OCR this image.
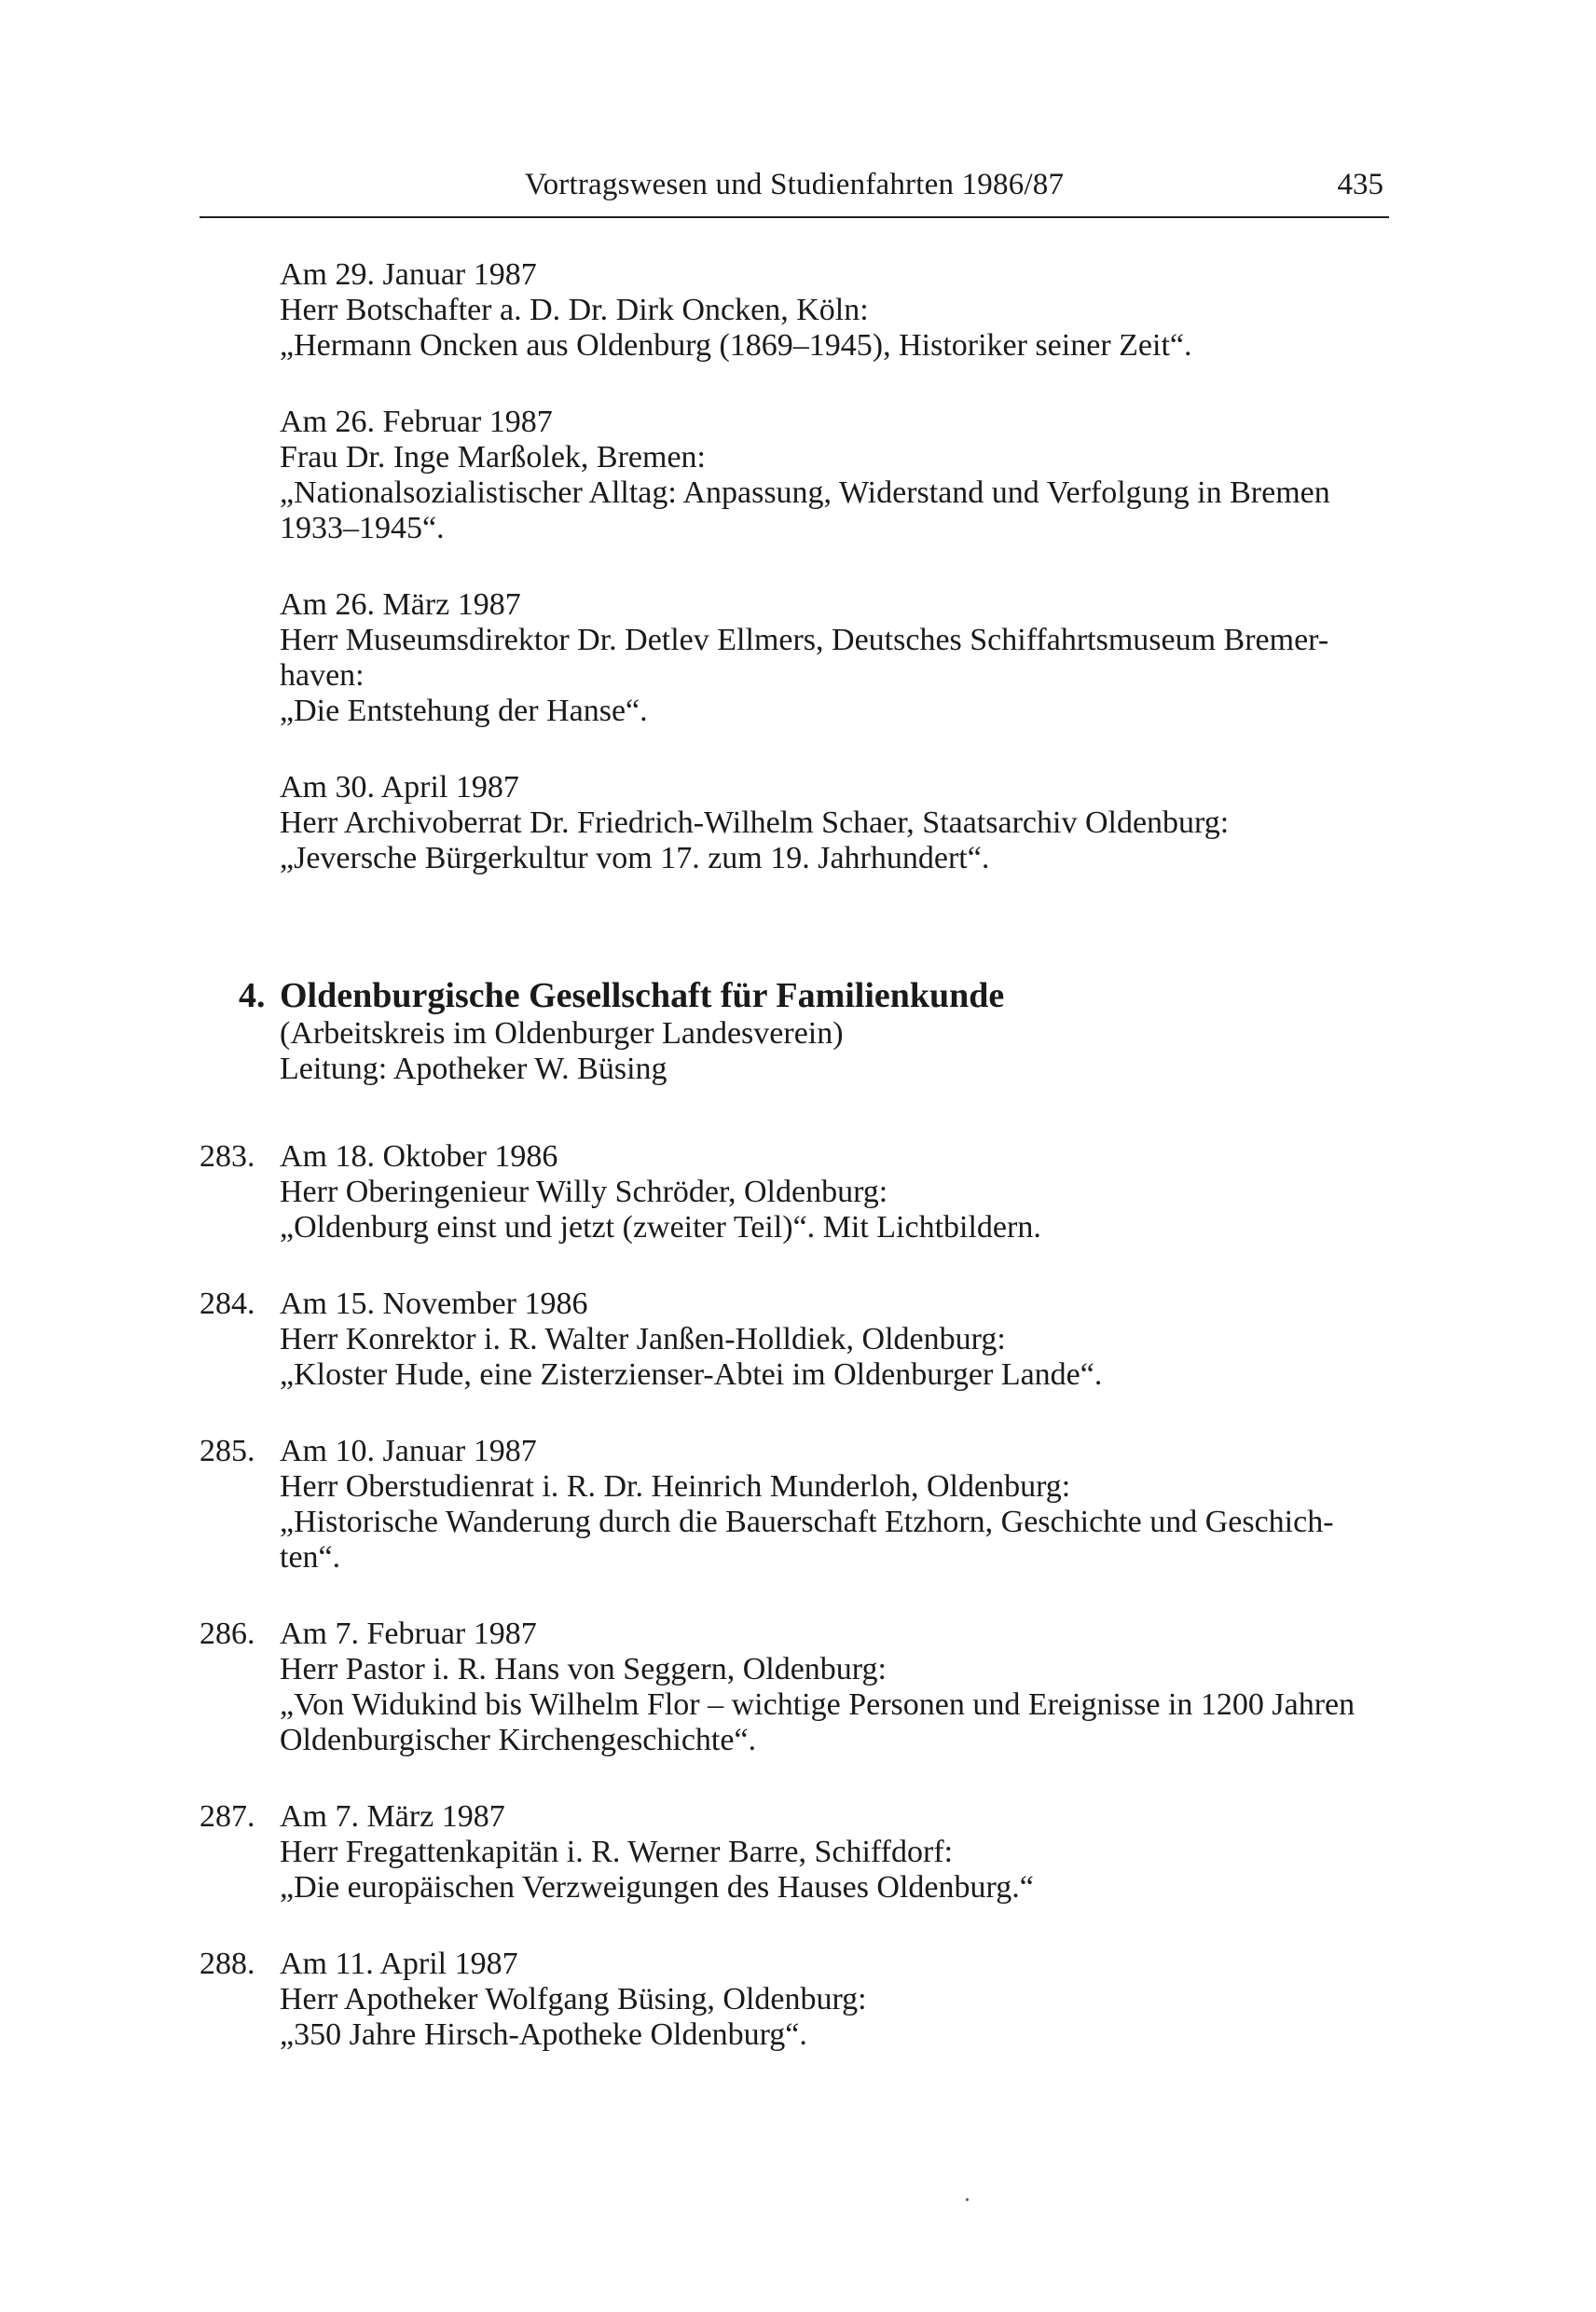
Vortragswesen und Studienfahrten 1986/87	435
Am 29. Januar 1987
Herr Botschafter a. D. Dr. Dirk Oncken, Köln:
„Hermann Oncken aus Oldenburg (1869–1945), Historiker seiner Zeit“.
Am 26. Februar 1987
Frau Dr. Inge Marßolek, Bremen:
„Nationalsozialistischer Alltag: Anpassung, Widerstand und Verfolgung in Bremen
1933–1945“.
Am 26. März 1987
Herr Museumsdirektor Dr. Detlev Ellmers, Deutsches Schiffahrtsmuseum Bremer-
haven:
„Die Entstehung der Hanse“.
Am 30. April 1987
Herr Archivoberrat Dr. Friedrich-Wilhelm Schaer, Staatsarchiv Oldenburg:
„Jeversche Bürgerkultur vom 17. zum 19. Jahrhundert“.
4. Oldenburgische Gesellschaft für Familienkunde
(Arbeitskreis im Oldenburger Landesverein)
Leitung: Apotheker W. Büsing
283. Am 18. Oktober 1986
Herr Oberingenieur Willy Schröder, Oldenburg:
„Oldenburg einst und jetzt (zweiter Teil)“. Mit Lichtbildern.
284. Am 15. November 1986
Herr Konrektor i. R. Walter Janßen-Holldiek, Oldenburg:
„Kloster Hude, eine Zisterzienser-Abtei im Oldenburger Lande“.
285. Am 10. Januar 1987
Herr Oberstudienrat i. R. Dr. Heinrich Munderloh, Oldenburg:
„Historische Wanderung durch die Bauerschaft Etzhorn, Geschichte und Geschich-
ten“.
286. Am 7. Februar 1987
Herr Pastor i. R. Hans von Seggern, Oldenburg:
„Von Widukind bis Wilhelm Flor – wichtige Personen und Ereignisse in 1200 Jahren
Oldenburgischer Kirchengeschichte“.
287. Am 7. März 1987
Herr Fregattenkapitän i. R. Werner Barre, Schiffdorf:
„Die europäischen Verzweigungen des Hauses Oldenburg.“
288. Am 11. April 1987
Herr Apotheker Wolfgang Büsing, Oldenburg:
„350 Jahre Hirsch-Apotheke Oldenburg“.
